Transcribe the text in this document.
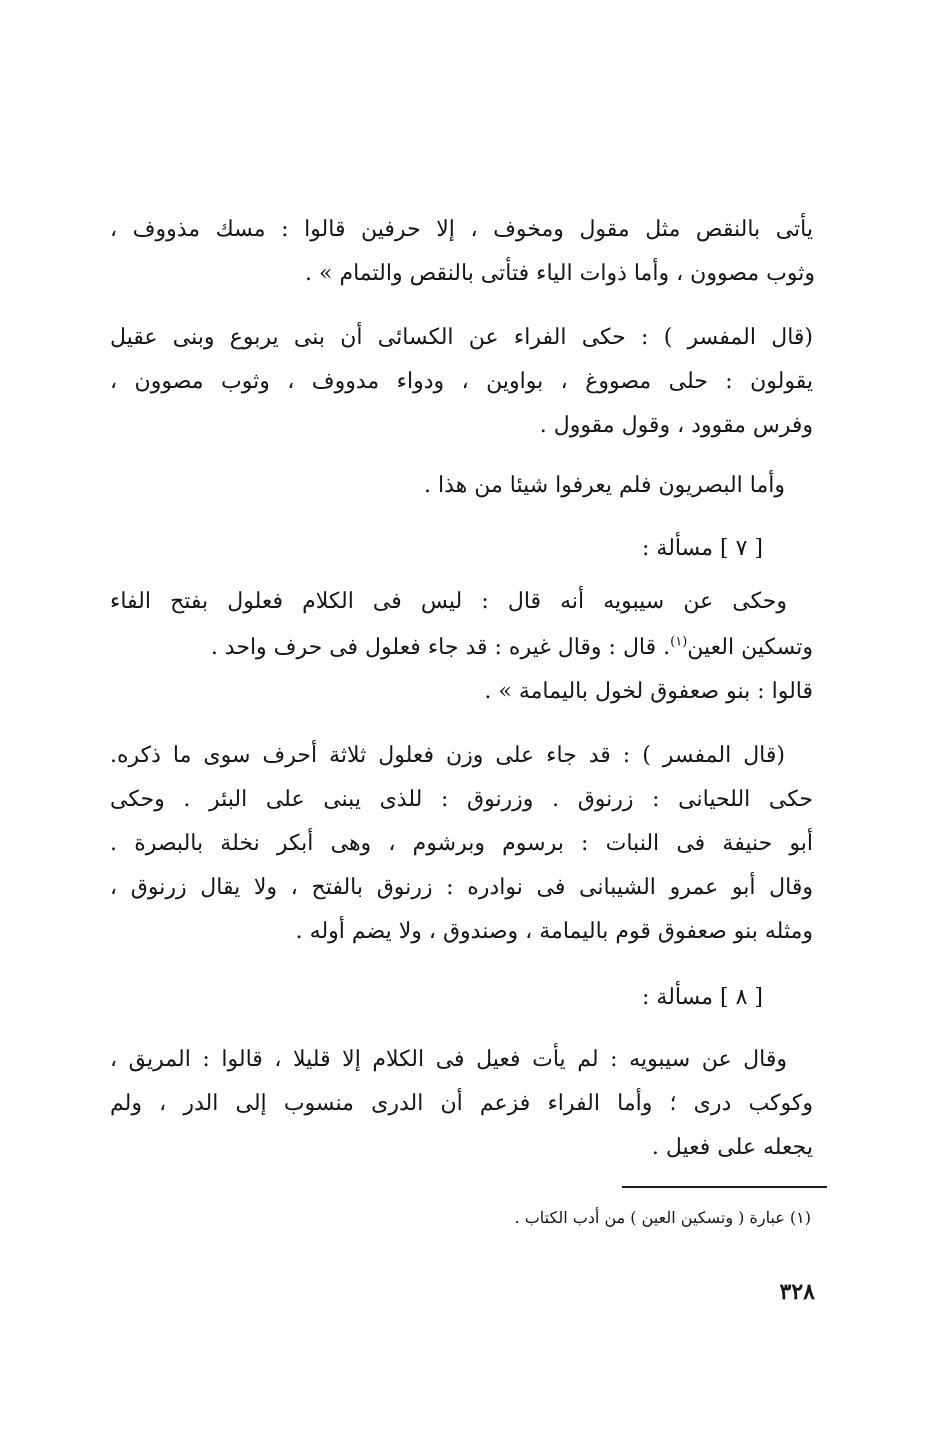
يأتى بالنقص مثل مقول ومخوف ، إلا حرفين قالوا : مسك مذووف ،
وثوب مصوون ، وأما ذوات الياء فتأتى بالنقص والتمام » .
(قال المفسر ) : حكى الفراء عن الكسائى أن بنى يربوع وبنى عقيل
يقولون : حلى مصووغ ، بواوين ، ودواء مدووف ، وثوب مصوون ،
وفرس مقوود ، وقول مقوول .
وأما البصريون فلم يعرفوا شيئا من هذا .
[ ٧ ] مسألة :
وحكى عن سيبويه أنه قال : ليس فى الكلام فعلول بفتح الفاء
وتسكين العين$^{(١)}$. قال : وقال غيره : قد جاء فعلول فى حرف واحد .
قالوا : بنو صعفوق لخول باليمامة » .
(قال المفسر ) : قد جاء على وزن فعلول ثلاثة أحرف سوى ما ذكره.
حكى اللحيانى : زرنوق . وزرنوق : للذى يبنى على البئر . وحكى
أبو حنيفة فى النبات : برسوم وبرشوم ، وهى أبكر نخلة بالبصرة .
وقال أبو عمرو الشيبانى فى نوادره : زرنوق بالفتح ، ولا يقال زرنوق ،
ومثله بنو صعفوق قوم باليمامة ، وصندوق ، ولا يضم أوله .
[ ٨ ] مسألة :
وقال عن سيبويه : لم يأت فعيل فى الكلام إلا قليلا ، قالوا : المريق ،
وكوكب درى ؛ وأما الفراء فزعم أن الدرى منسوب إلى الدر ، ولم
يجعله على فعيل .
(١) عبارة ( وتسكين العين ) من أدب الكتاب .
٣٢٨
